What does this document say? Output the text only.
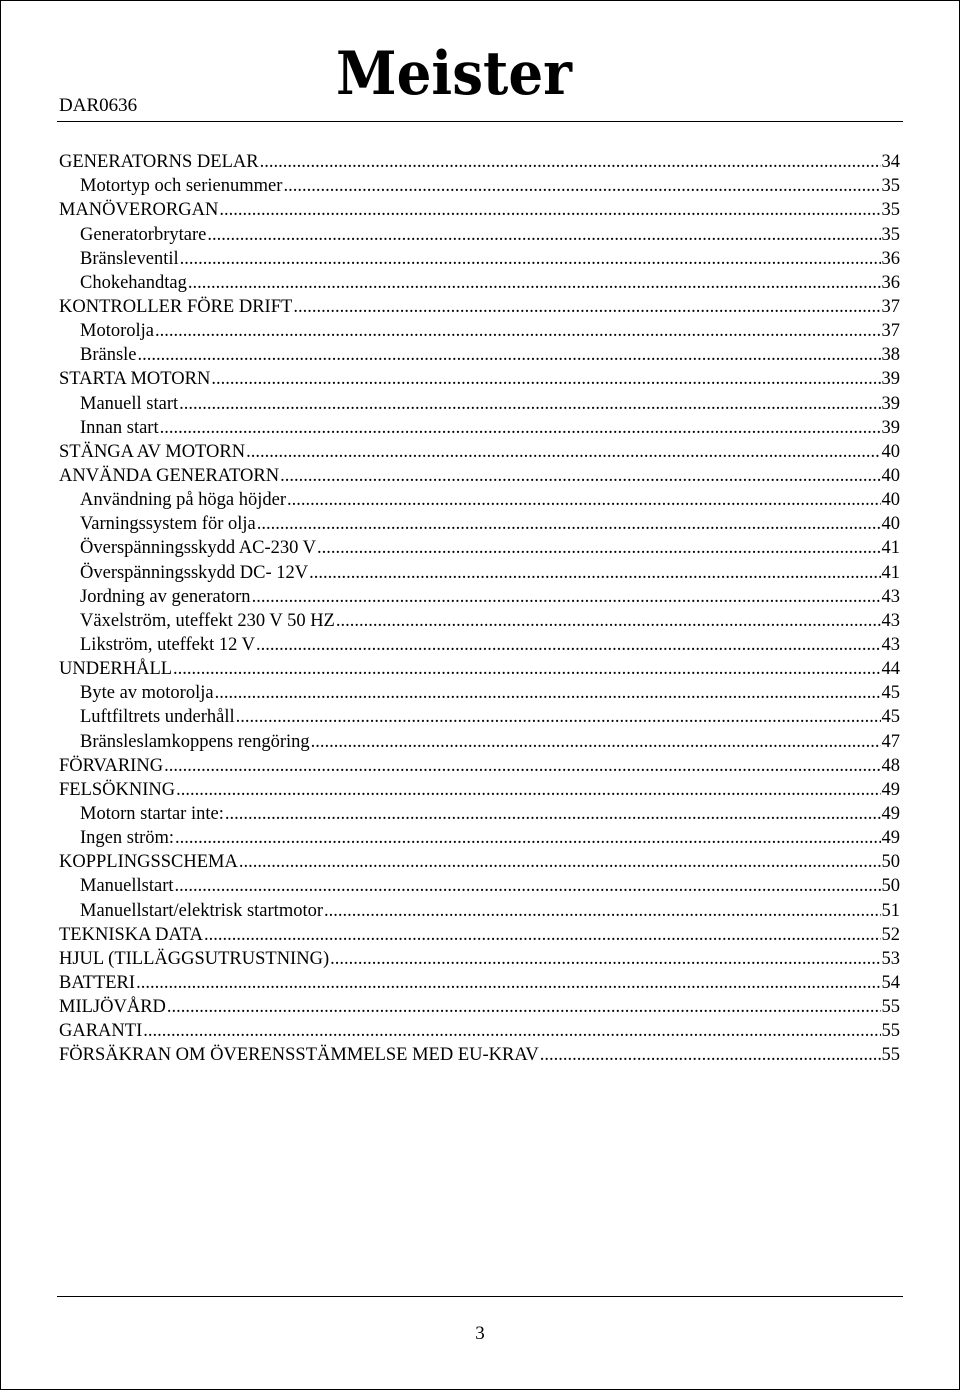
DAR0636	Meister
GENERATORNS DELAR .....	34
Motortyp och serienummer .....	35
MANÖVERORGAN .....	35
Generatorbrytare .....	35
Bränsleventil .....	36
Chokehandtag .....	36
KONTROLLER FÖRE DRIFT .....	37
Motorolja .....	37
Bränsle .....	38
STARTA MOTORN .....	39
Manuell start .....	39
Innan start .....	39
STÄNGA AV MOTORN .....	40
ANVÄNDA GENERATORN .....	40
Användning på höga höjder .....	40
Varningssystem för olja .....	40
Överspänningsskydd AC-230 V .....	41
Överspänningsskydd DC- 12V .....	41
Jordning av generatorn .....	43
Växelström, uteffekt 230 V 50 HZ .....	43
Likström, uteffekt 12 V .....	43
UNDERHÅLL .....	44
Byte av motorolja .....	45
Luftfiltrets underhåll .....	45
Bränsleslamkoppens rengöring .....	47
FÖRVARING .....	48
FELSÖKNING .....	49
Motorn startar inte: .....	49
Ingen ström: .....	49
KOPPLINGSSCHEMA .....	50
Manuellstart .....	50
Manuellstart/elektrisk startmotor .....	51
TEKNISKA DATA .....	52
HJUL (TILLÄGGSUTRUSTNING) .....	53
BATTERI .....	54
MILJÖVÅRD .....	55
GARANTI .....	55
FÖRSÄKRAN OM ÖVERENSSTÄMMELSE MED EU-KRAV .....	55
3
